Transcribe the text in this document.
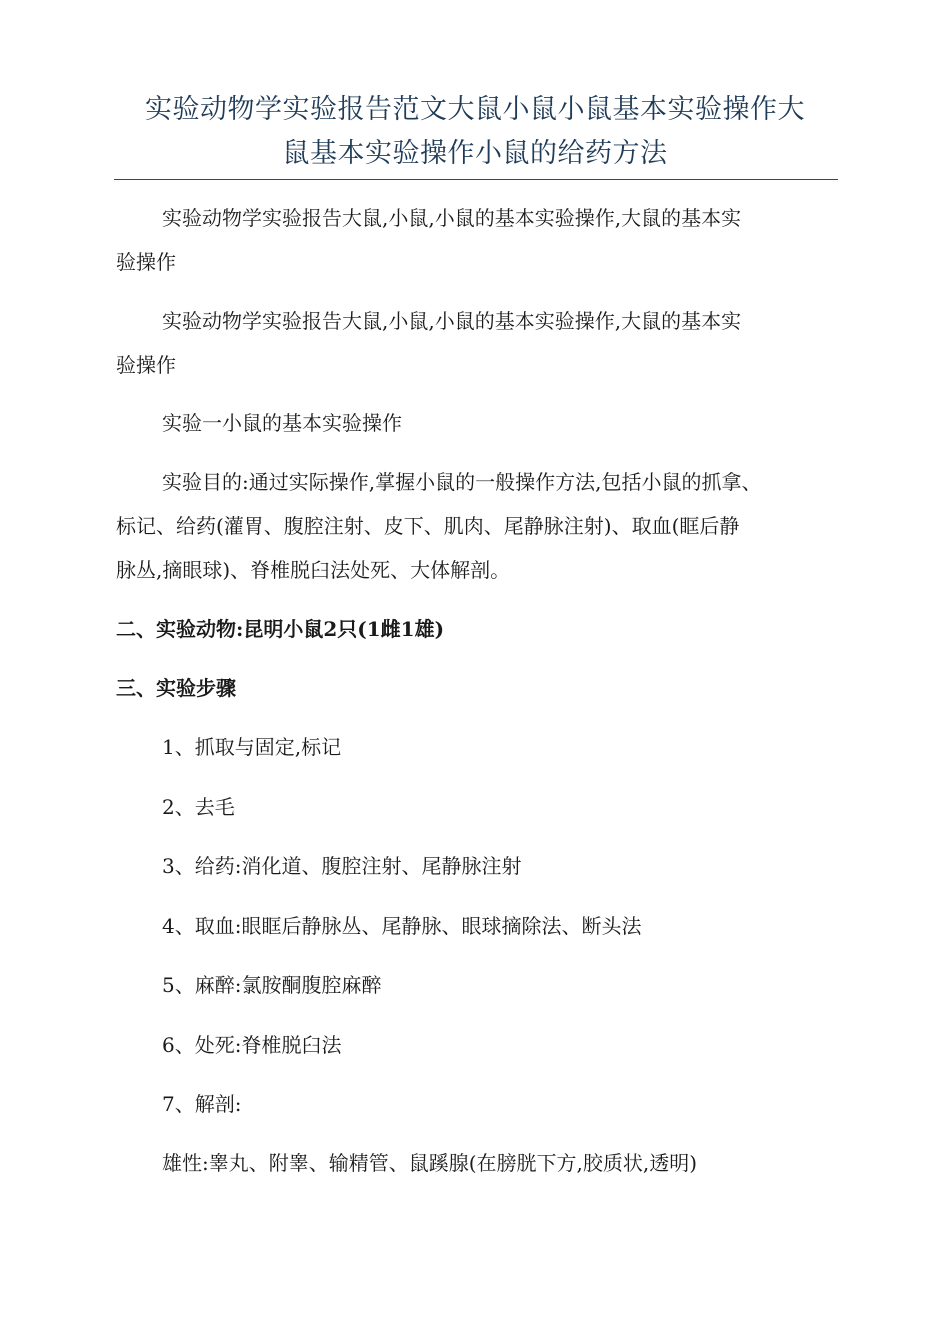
实验动物学实验报告范文大鼠小鼠小鼠基本实验操作大
鼠基本实验操作小鼠的给药方法

实验动物学实验报告大鼠,小鼠,小鼠的基本实验操作,大鼠的基本实
验操作

实验动物学实验报告大鼠,小鼠,小鼠的基本实验操作,大鼠的基本实
验操作

实验一小鼠的基本实验操作

实验目的:通过实际操作,掌握小鼠的一般操作方法,包括小鼠的抓拿、
标记、给药(灌胃、腹腔注射、皮下、肌肉、尾静脉注射)、取血(眶后静
脉丛,摘眼球)、脊椎脱臼法处死、大体解剖。

二、实验动物:昆明小鼠2只(1雌1雄)

三、实验步骤

1、抓取与固定,标记

2、去毛

3、给药:消化道、腹腔注射、尾静脉注射

4、取血:眼眶后静脉丛、尾静脉、眼球摘除法、断头法

5、麻醉:氯胺酮腹腔麻醉

6、处死:脊椎脱臼法

7、解剖:

雄性:睾丸、附睾、输精管、鼠蹊腺(在膀胱下方,胶质状,透明)
